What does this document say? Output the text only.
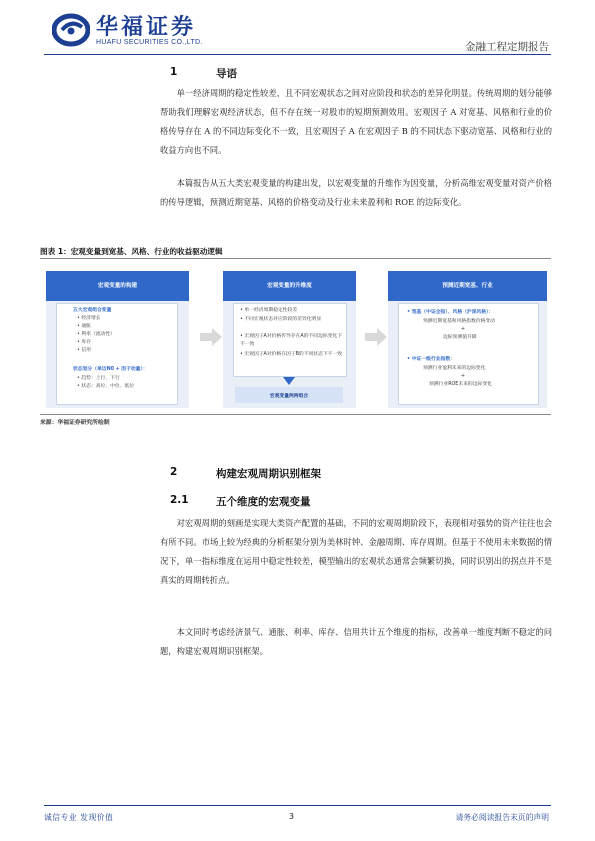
华福证券
HUAFU SECURITIES CO.,LTD.	金融工程定期报告
1	导语

单一经济周期的稳定性较差，且不同宏观状态之间对应阶段和状态的差异化明显。传统周期的划分能够帮助我们理解宏观经济状态，但不存在统一对股市的短期预测效用。宏观因子 A 对宽基、风格和行业的价格传导存在 A 的不同边际变化不一致，且宏观因子 A 在宏观因子 B 的不同状态下驱动宽基、风格和行业的收益方向也不同。

本篇报告从五大类宏观变量的构建出发，以宏观变量的升维作为因变量，分析高维宏观变量对资产价格的传导逻辑，预测近期宽基、风格的价格变动及行业未来盈利和 ROE 的边际变化。

图表 1：宏观变量到宽基、风格、行业的收益驱动逻辑
宏观变量的构建
五大宏观组合变量
• 经济增长
• 通胀
• 利率（流动性）
• 库存
• 信用
状态划分（单边N0 + 因子动量）：
• 趋势：上行、下行
• 状态：高位、中位、低位
宏观变量的升维度
• 单一经济周期稳定性较差
• 不同宏观状态对应阶段的差异化明显
• 宏观因子A对价格传导存在A的不同边际变化下不一致
• 宏观因子A对价格在因子B的不同状态下不一致
宏观变量两两组合
预测近期宽基、行业
• 宽基（中证全指）、风格（沪深风格）：
预测近期宽基和风格指数价格变动
+
边际预测值升降
• 中证一级行业指数：
预测行业盈利未来的边际变化
+
预测行业ROE未来的边际变化
来源：华福证券研究所绘制
2	构建宏观周期识别框架
2.1	五个维度的宏观变量

对宏观周期的刻画是实现大类资产配置的基础，不同的宏观周期阶段下，表现相对强势的资产往往也会有所不同。市场上较为经典的分析框架分别为美林时钟、金融周期、库存周期。但基于不使用未来数据的情况下，单一指标维度在运用中稳定性较差，模型输出的宏观状态通常会频繁切换，同时识别出的拐点并不是真实的周期转折点。

本文同时考虑经济景气、通胀、利率、库存、信用共计五个维度的指标，改善单一维度判断不稳定的问题，构建宏观周期识别框架。

诚信专业 发现价值	3	请务必阅读报告末页的声明
